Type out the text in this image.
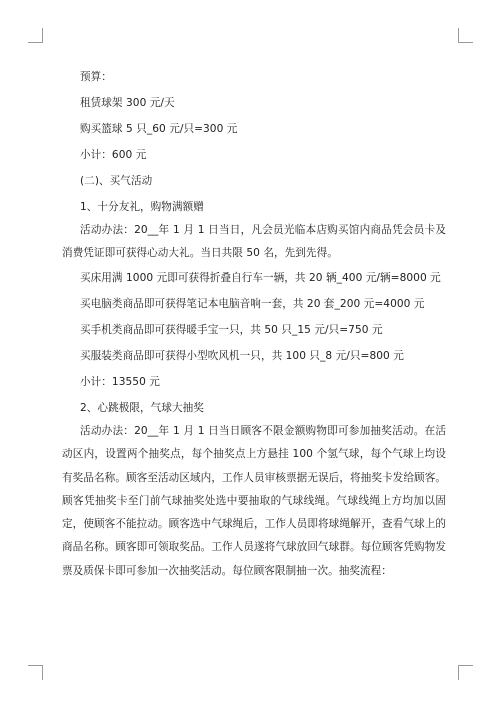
预算：

租赁球架 300 元/天

购买篮球 5 只_60 元/只=300 元

小计：600 元

(二)、买气活动

1、十分友礼，购物满额赠

活动办法：20__年 1 月 1 日当日，凡会员光临本店购买馆内商品凭会员卡及消费凭证即可获得心动大礼。当日共限 50 名，先到先得。

买床用满 1000 元即可获得折叠自行车一辆，共 20 辆_400 元/辆=8000 元

买电脑类商品即可获得笔记本电脑音响一套，共 20 套_200 元=4000 元

买手机类商品即可获得暖手宝一只，共 50 只_15 元/只=750 元

买服装类商品即可获得小型吹风机一只，共 100 只_8 元/只=800 元

小计：13550 元

2、心跳极限，气球大抽奖

活动办法：20__年 1 月 1 日当日顾客不限金额购物即可参加抽奖活动。在活动区内，设置两个抽奖点，每个抽奖点上方悬挂 100 个氢气球，每个气球上均设有奖品名称。顾客至活动区域内，工作人员审核票据无误后，将抽奖卡发给顾客。顾客凭抽奖卡至门前气球抽奖处选中要抽取的气球线绳。气球线绳上方均加以固定，使顾客不能拉动。顾客选中气球绳后，工作人员即将球绳解开，查看气球上的商品名称。顾客即可领取奖品。工作人员遂将气球放回气球群。每位顾客凭购物发票及质保卡即可参加一次抽奖活动。每位顾客限制抽一次。抽奖流程：
